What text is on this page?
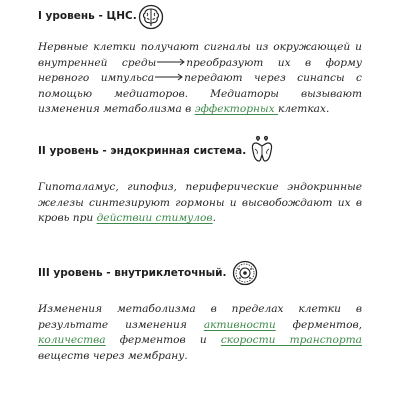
I уровень - ЦНС.
Нервные клетки получают сигналы из окружающей и
внутренней среды	преобразуют их в форму
нервного импульса	передают через синапсы с
помощью медиаторов. Медиаторы вызывают
изменения метаболизма в эффекторных клетках.
II уровень - эндокринная система.
Гипоталамус, гипофиз, периферические эндокринные
железы синтезируют гормоны и высвобождают их в
кровь при действии стимулов.
III уровень - внутриклеточный.
Изменения метаболизма в пределах клетки в
результате изменения активности ферментов,
количества ферментов и скорости транспорта
веществ через мембрану.
